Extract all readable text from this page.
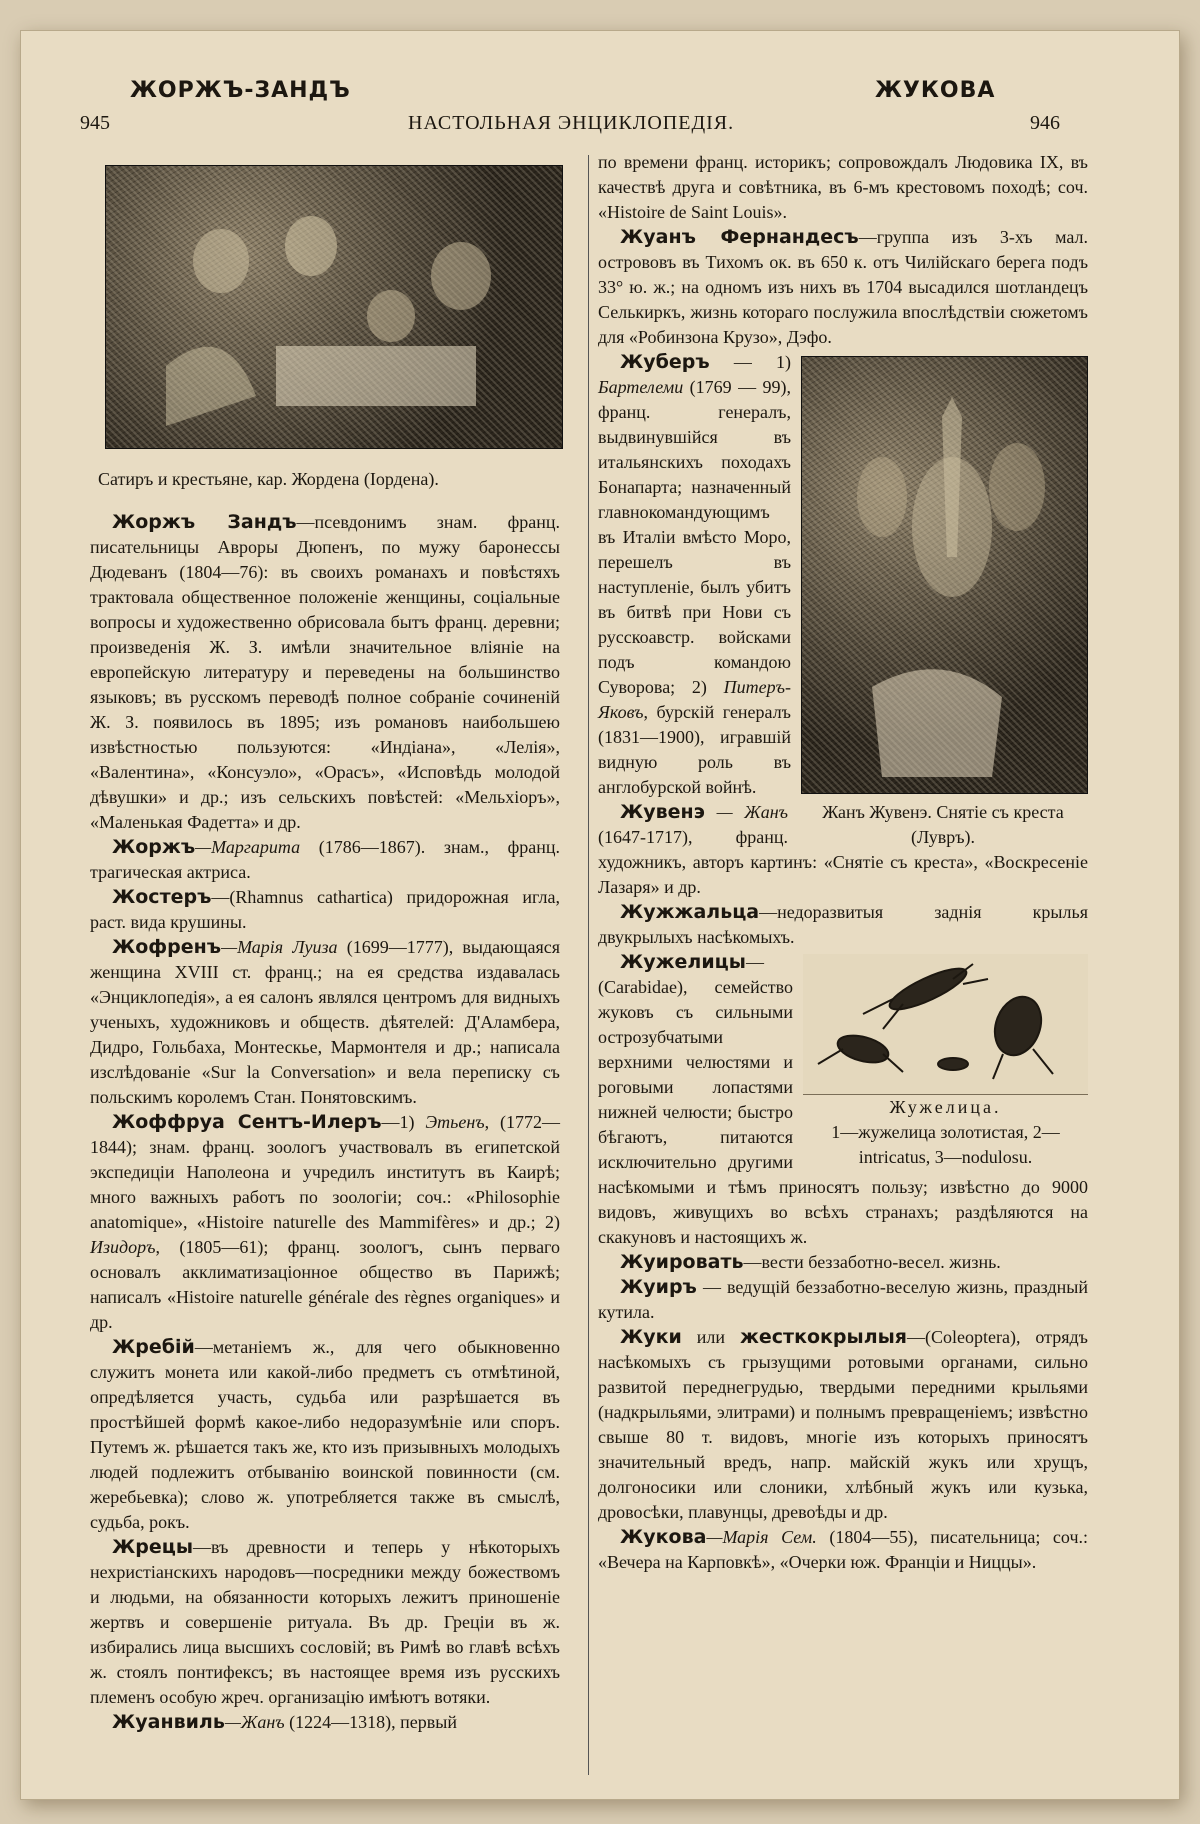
ЖОРЖЪ-ЗАНДЪ	ЖУКОВА
945	НАСТОЛЬНАЯ ЭНЦИКЛОПЕДІЯ.	946
Сатиръ и крестьяне, кар. Жордена (Іордена).

Жоржъ Зандъ—псевдонимъ знам. франц. писательницы Авроры Дюпенъ, по мужу баронессы Дюдеванъ (1804—76): въ своихъ романахъ и повѣстяхъ трактовала общественное положеніе женщины, соціальные вопросы и художественно обрисовала бытъ франц. деревни; произведенія Ж. З. имѣли значительное вліяніе на европейскую литературу и переведены на большинство языковъ; въ русскомъ переводѣ полное собраніе сочиненій Ж. З. появилось въ 1895; изъ романовъ наибольшею извѣстностью пользуются: «Индіана», «Лелія», «Валентина», «Консуэло», «Орасъ», «Исповѣдь молодой дѣвушки» и др.; изъ сельскихъ повѣстей: «Мельхіоръ», «Маленькая Фадетта» и др.

Жоржъ—Маргарита (1786—1867). знам., франц. трагическая актриса.

Жостеръ—(Rhamnus cathartica) придорожная игла, раст. вида крушины.

Жофренъ—Марія Луиза (1699—1777), выдающаяся женщина XVIII ст. франц.; на ея средства издавалась «Энциклопедія», а ея салонъ являлся центромъ для видныхъ ученыхъ, художниковъ и обществ. дѣятелей: Д'Аламбера, Дидро, Гольбаха, Монтескье, Мармонтеля и др.; написала изслѣдованіе «Sur la Conversation» и вела переписку съ польскимъ королемъ Стан. Понятовскимъ.

Жоффруа Сентъ-Илеръ—1) Этьенъ, (1772—1844); знам. франц. зоологъ участвовалъ въ египетской экспедиціи Наполеона и учредилъ институтъ въ Каирѣ; много важныхъ работъ по зоологіи; соч.: «Philosophie anatomique», «Histoire naturelle des Mammifères» и др.; 2) Изидоръ, (1805—61); франц. зоологъ, сынъ перваго основалъ акклиматизаціонное общество въ Парижѣ; написалъ «Histoire naturelle générale des règnes organiques» и др.

Жребій—метаніемъ ж., для чего обыкновенно служитъ монета или какой-либо предметъ съ отмѣтиной, опредѣляется участь, судьба или разрѣшается въ простѣйшей формѣ какое-либо недоразумѣніе или споръ. Путемъ ж. рѣшается такъ же, кто изъ призывныхъ молодыхъ людей подлежитъ отбыванію воинской повинности (см. жеребьевка); слово ж. употребляется также въ смыслѣ, судьба, рокъ.

Жрецы—въ древности и теперь у нѣкоторыхъ нехристіанскихъ народовъ—посредники между божествомъ и людьми, на обязанности которыхъ лежитъ приношеніе жертвъ и совершеніе ритуала. Въ др. Греціи въ ж. избирались лица высшихъ сословій; въ Римѣ во главѣ всѣхъ ж. стоялъ понтифексъ; въ настоящее время изъ русскихъ племенъ особую жреч. организацію имѣютъ вотяки.

Жуанвиль—Жанъ (1224—1318), первый

по времени франц. историкъ; сопровождалъ Людовика IX, въ качествѣ друга и совѣтника, въ 6-мъ крестовомъ походѣ; соч. «Histoire de Saint Louis».

Жуанъ Фернандесъ—группа изъ 3-хъ мал. острововъ въ Тихомъ ок. въ 650 к. отъ Чилійскаго берега подъ 33° ю. ж.; на одномъ изъ нихъ въ 1704 высадился шотландецъ Селькиркъ, жизнь котораго послужила впослѣдствіи сюжетомъ для «Робинзона Крузо», Дэфо.

Жуберъ — 1) Бартелеми (1769 — 99), франц. генералъ, выдвинувшійся въ итальянскихъ походахъ Бонапарта; назначенный главнокомандующимъ въ Италіи вмѣсто Моро, перешелъ въ наступленіе, былъ убитъ въ битвѣ при Нови съ русскоавстр. войсками подъ командою Суворова; 2) Питеръ-Яковъ, бурскій генералъ (1831—1900), игравшій видную роль въ англобурской войнѣ.

Жанъ Жувенэ. Снятіе съ креста (Лувръ).

Жувенэ — Жанъ (1647-1717), франц. художникъ, авторъ картинъ: «Снятіе съ креста», «Воскресеніе Лазаря» и др.

Жужжальца—недоразвитыя заднія крылья двукрылыхъ насѣкомыхъ.

Жужелица.
1—жужелица золотистая, 2—intricatus, 3—nodulosu.

Жужелицы—(Carabidae), семейство жуковъ съ сильными острозубчатыми верхними челюстями и роговыми лопастями нижней челюсти; быстро бѣгаютъ, питаются исключительно другими насѣкомыми и тѣмъ приносятъ пользу; извѣстно до 9000 видовъ, живущихъ во всѣхъ странахъ; раздѣляются на скакуновъ и настоящихъ ж.

Жуировать—вести беззаботно-весел. жизнь.

Жуиръ — ведущій беззаботно-веселую жизнь, праздный кутила.

Жуки или жесткокрылыя—(Coleoptera), отрядъ насѣкомыхъ съ грызущими ротовыми органами, сильно развитой переднегрудью, твердыми передними крыльями (надкрыльями, элитрами) и полнымъ превращеніемъ; извѣстно свыше 80 т. видовъ, многіе изъ которыхъ приносятъ значительный вредъ, напр. майскій жукъ или хрущъ, долгоносики или слоники, хлѣбный жукъ или кузька, дровосѣки, плавунцы, древоѣды и др.

Жукова—Марія Сем. (1804—55), писательница; соч.: «Вечера на Карповкѣ», «Очерки юж. Франціи и Ниццы».
